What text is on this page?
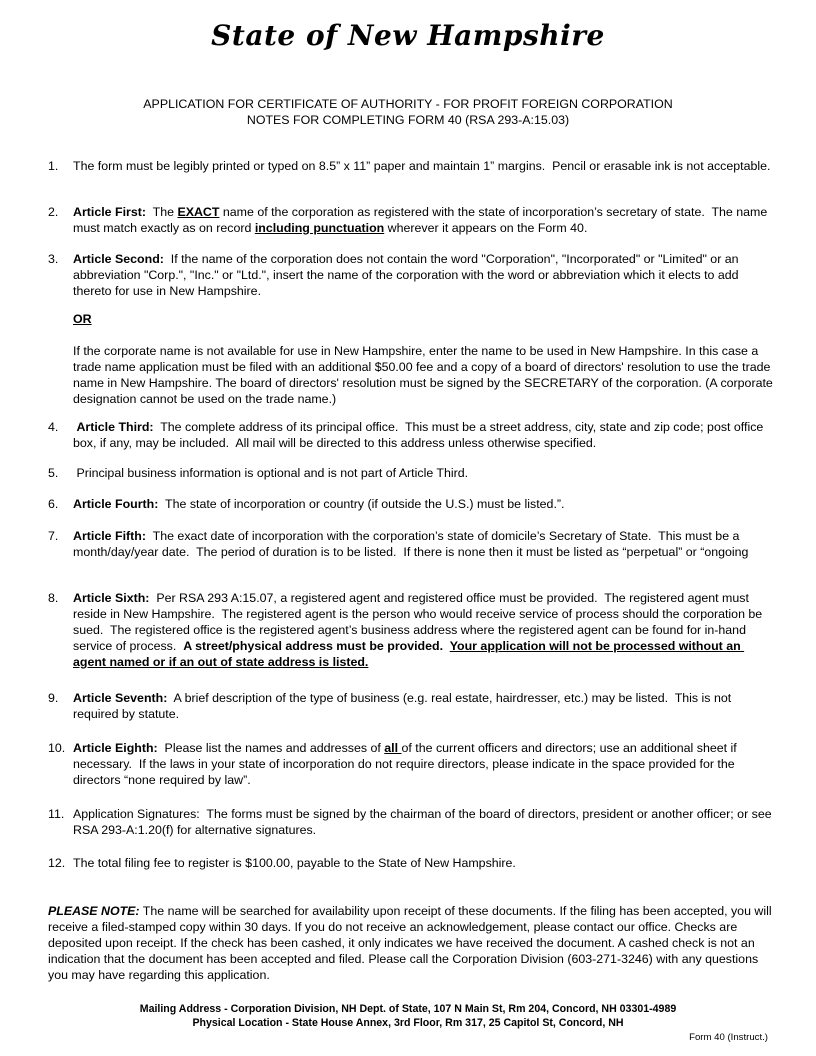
State of New Hampshire
APPLICATION FOR CERTIFICATE OF AUTHORITY - FOR PROFIT FOREIGN CORPORATION
NOTES FOR COMPLETING FORM 40 (RSA 293-A:15.03)
1. The form must be legibly printed or typed on 8.5” x 11” paper and maintain 1” margins.  Pencil or erasable ink is not acceptable.
2. Article First:  The EXACT name of the corporation as registered with the state of incorporation’s secretary of state.  The name must match exactly as on record including punctuation wherever it appears on the Form 40.
3. Article Second:  If the name of the corporation does not contain the word "Corporation", "Incorporated" or "Limited" or an abbreviation "Corp.", "Inc." or "Ltd.", insert the name of the corporation with the word or abbreviation which it elects to add thereto for use in New Hampshire.
4. Article Third:  The complete address of its principal office.  This must be a street address, city, state and zip code; post office box, if any, may be included.  All mail will be directed to this address unless otherwise specified.
5. Principal business information is optional and is not part of Article Third.
6. Article Fourth:  The state of incorporation or country (if outside the U.S.) must be listed.”.
7. Article Fifth:  The exact date of incorporation with the corporation’s state of domicile’s Secretary of State.  This must be a month/day/year date.  The period of duration is to be listed.  If there is none then it must be listed as “perpetual” or “ongoing
8. Article Sixth:  Per RSA 293 A:15.07, a registered agent and registered office must be provided.  The registered agent must reside in New Hampshire.  The registered agent is the person who would receive service of process should the corporation be sued.  The registered office is the registered agent’s business address where the registered agent can be found for in-hand service of process.  A street/physical address must be provided.  Your application will not be processed without an agent named or if an out of state address is listed.
9. Article Seventh:  A brief description of the type of business (e.g. real estate, hairdresser, etc.) may be listed.  This is not required by statute.
10. Article Eighth:  Please list the names and addresses of all of the current officers and directors; use an additional sheet if necessary.  If the laws in your state of incorporation do not require directors, please indicate in the space provided for the directors “none required by law”.
11. Application Signatures:  The forms must be signed by the chairman of the board of directors, president or another officer; or see RSA 293-A:1.20(f) for alternative signatures.
12. The total filing fee to register is $100.00, payable to the State of New Hampshire.
OR
If the corporate name is not available for use in New Hampshire, enter the name to be used in New Hampshire. In this case a trade name application must be filed with an additional $50.00 fee and a copy of a board of directors' resolution to use the trade name in New Hampshire. The board of directors' resolution must be signed by the SECRETARY of the corporation. (A corporate designation cannot be used on the trade name.)
PLEASE NOTE: The name will be searched for availability upon receipt of these documents. If the filing has been accepted, you will receive a filed-stamped copy within 30 days. If you do not receive an acknowledgement, please contact our office. Checks are deposited upon receipt. If the check has been cashed, it only indicates we have received the document. A cashed check is not an indication that the document has been accepted and filed. Please call the Corporation Division (603-271-3246) with any questions you may have regarding this application.
Mailing Address - Corporation Division, NH Dept. of State, 107 N Main St, Rm 204, Concord, NH 03301-4989
Physical Location - State House Annex, 3rd Floor, Rm 317, 25 Capitol St, Concord, NH
Form 40 (Instruct.)
